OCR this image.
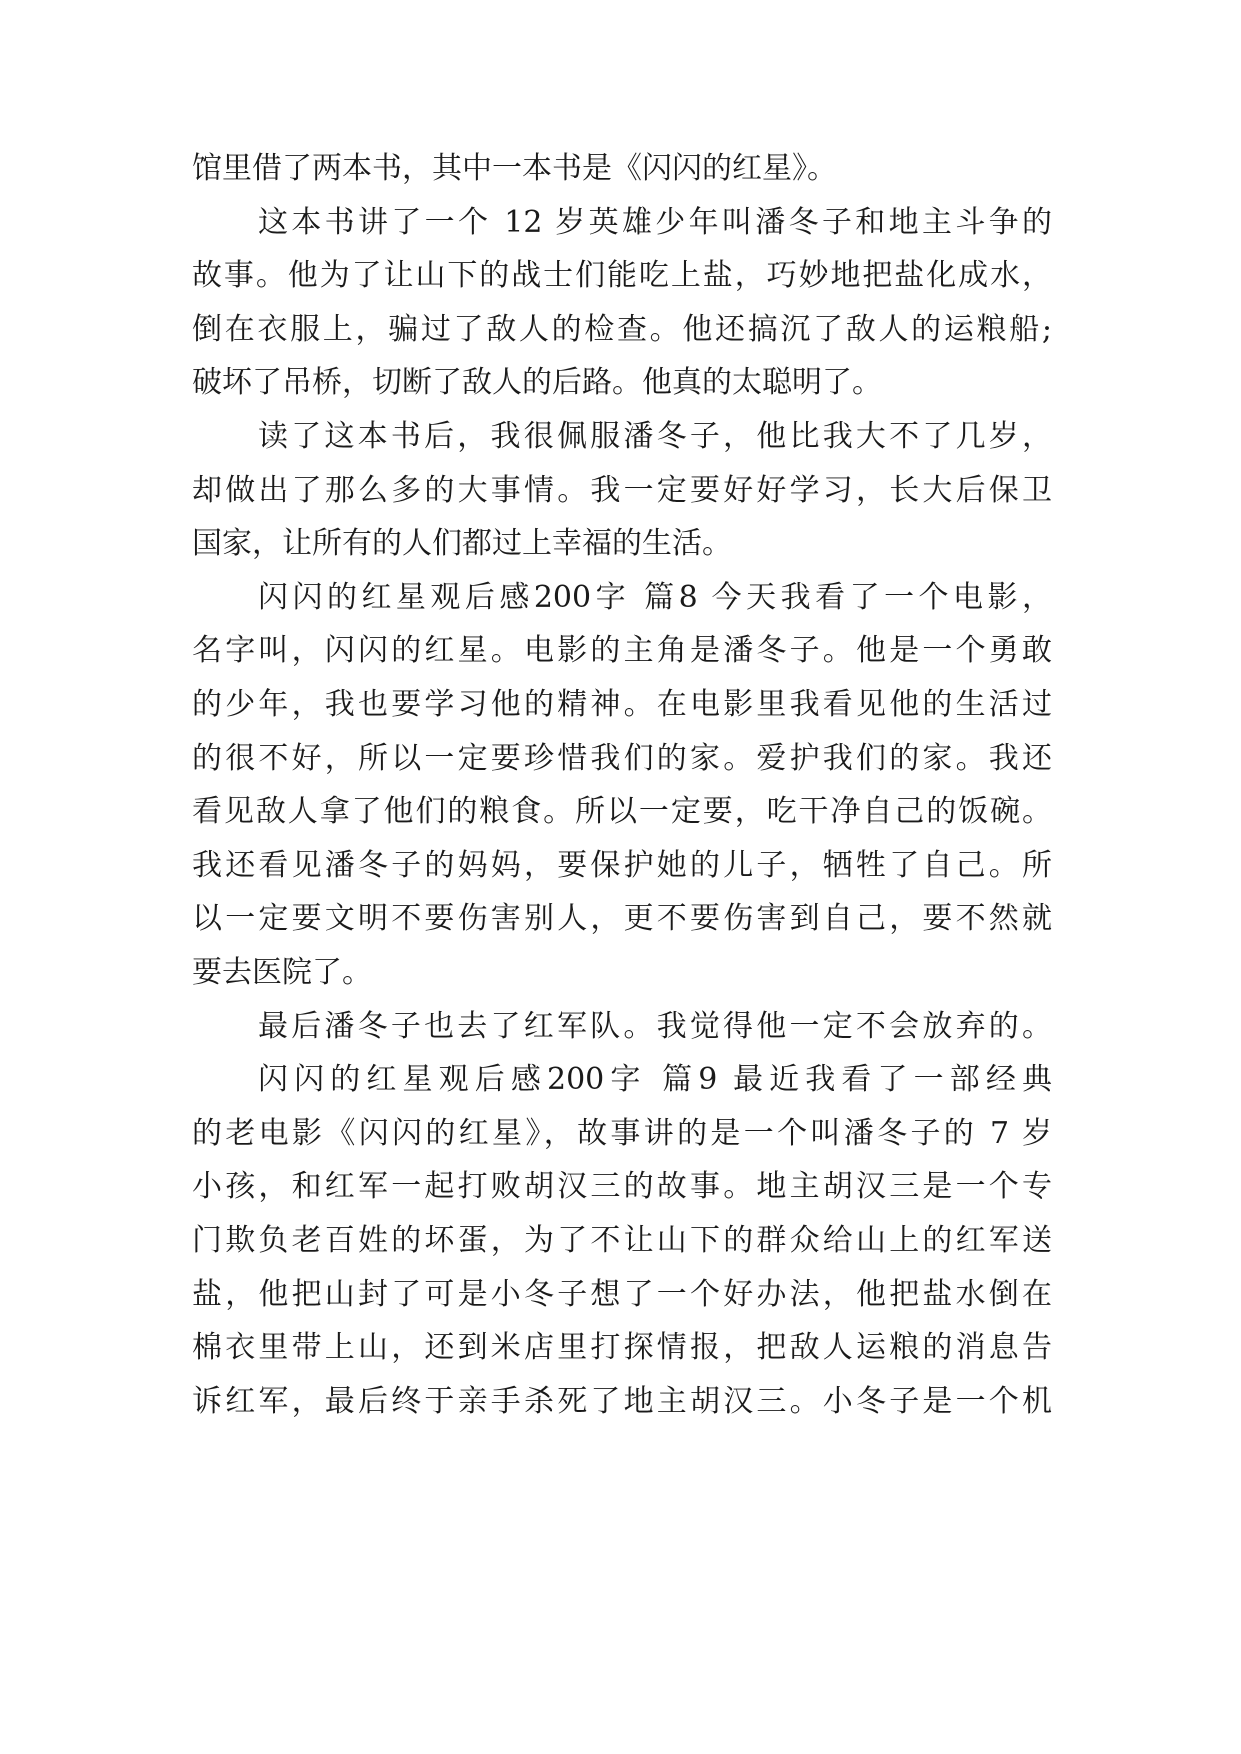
馆里借了两本书，其中一本书是《闪闪的红星》。
这本书讲了一个 12 岁英雄少年叫潘冬子和地主斗争的
故事。他为了让山下的战士们能吃上盐，巧妙地把盐化成水，
倒在衣服上，骗过了敌人的检查。他还搞沉了敌人的运粮船;
破坏了吊桥，切断了敌人的后路。他真的太聪明了。
读了这本书后，我很佩服潘冬子，他比我大不了几岁，
却做出了那么多的大事情。我一定要好好学习，长大后保卫
国家，让所有的人们都过上幸福的生活。
闪闪的红星观后感200字 篇8 今天我看了一个电影，
名字叫，闪闪的红星。电影的主角是潘冬子。他是一个勇敢
的少年，我也要学习他的精神。在电影里我看见他的生活过
的很不好，所以一定要珍惜我们的家。爱护我们的家。我还
看见敌人拿了他们的粮食。所以一定要，吃干净自己的饭碗。
我还看见潘冬子的妈妈，要保护她的儿子，牺牲了自己。所
以一定要文明不要伤害别人，更不要伤害到自己，要不然就
要去医院了。
最后潘冬子也去了红军队。我觉得他一定不会放弃的。
闪闪的红星观后感200字 篇9 最近我看了一部经典
的老电影《闪闪的红星》，故事讲的是一个叫潘冬子的 7 岁
小孩，和红军一起打败胡汉三的故事。地主胡汉三是一个专
门欺负老百姓的坏蛋，为了不让山下的群众给山上的红军送
盐，他把山封了可是小冬子想了一个好办法，他把盐水倒在
棉衣里带上山，还到米店里打探情报，把敌人运粮的消息告
诉红军，最后终于亲手杀死了地主胡汉三。小冬子是一个机
